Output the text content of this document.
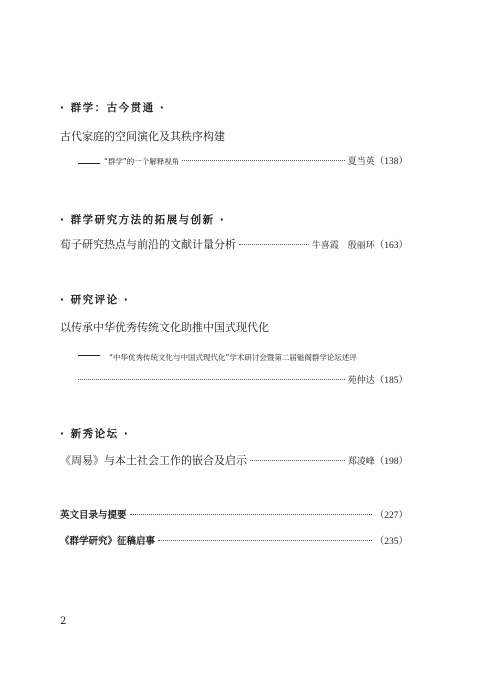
· 群学：古今贯通 ·
古代家庭的空间演化及其秩序构建
“群学”的一个解释视角	夏当英 （138）
· 群学研究方法的拓展与创新 ·
荀子研究热点与前沿的文献计量分析	牛喜霞　殷丽环 （163）
· 研究评论 ·
以传承中华优秀传统文化助推中国式现代化
“中华优秀传统文化与中国式现代化”学术研讨会暨第二届魁阁群学论坛述评
苑仲达 （185）
· 新秀论坛 ·
《周易》与本土社会工作的嵌合及启示	郑凌峰 （198）
英文目录与提要	（227）
《群学研究》征稿启事	（235）
2
